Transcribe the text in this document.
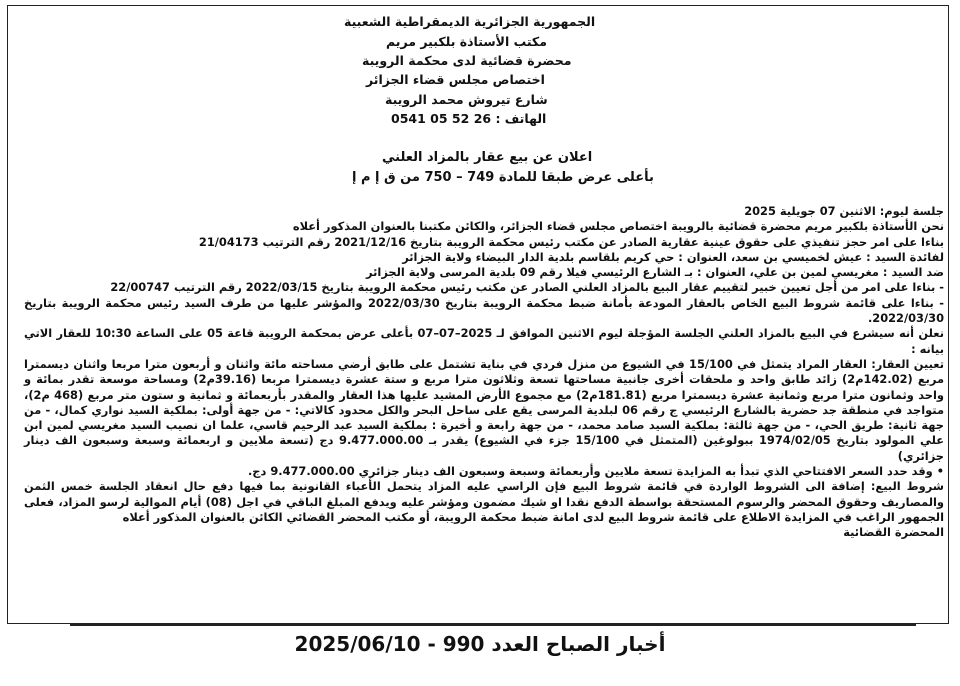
الجمهورية الجزائرية الديمقراطية الشعبية
مكتب الأستاذة بلكبير مريم
محضرة قضائية لدى محكمة الرويبة
اختصاص مجلس قضاء الجزائر
شارع تيروش محمد الرويبة
الهاتف : 26 52 05 0541
اعلان عن بيع عقار بالمزاد العلني
بأعلى عرض طبقا للمادة 749 – 750 من ق إ م إ

جلسة ليوم: الاثنين 07 جويلية 2025

نحن الأستاذة بلكبير مريم محضرة قضائية بالرويبة اختصاص مجلس قضاء الجزائر، والكائن مكتبنا بالعنوان المذكور أعلاه

بناءا على امر حجز تنفيذي على حقوق عينية عقارية الصادر عن مكتب رئيس محكمة الرويبة بتاريخ 2021/12/16 رقم الترتيب 21/04173

لفائدة السيد : عيش لخميسي بن سعد، العنوان : حي كريم بلقاسم بلدية الدار البيضاء ولاية الجزائر

ضد السيد : مغريسي لمين بن علي، العنوان : بـ الشارع الرئيسي فيلا رقم 09 بلدية المرسى ولاية الجزائر

- بناءا على امر من أجل تعيين خبير لتقييم عقار البيع بالمزاد العلني الصادر عن مكتب رئيس محكمة الرويبة بتاريخ 2022/03/15 رقم الترتيب 22/00747

- بناءا على قائمة شروط البيع الخاص بالعقار المودعة بأمانة ضبط محكمة الرويبة بتاريخ 2022/03/30 والمؤشر عليها من طرف السيد رئيس محكمة الرويبة بتاريخ 2022/03/30.

نعلن أنه سيشرع في البيع بالمزاد العلني الجلسة المؤجلة ليوم الاثنين الموافق لـ 2025–07–07 بأعلى عرض بمحكمة الرويبة قاعة 05 على الساعة 10:30 للعقار الاتي بيانه :

تعيين العقار: العقار المراد يتمثل في 15/100 في الشيوع من منزل فردي في بناية تشتمل على طابق أرضي مساحته مائة واثنان و أربعون مترا مربعا واثنان ديسمترا مربع (142.02م2) زائد طابق واحد و ملحقات أخرى جانبية مساحتها تسعة وثلاثون مترا مربع و ستة عشرة ديسمترا مربعا (39.16م2) ومساحة موسعة تقدر بمائة و واحد وثمانون مترا مربع وثمانية عشرة ديسمترا مربع (181.81م2) مع مجموع الأرض المشيد عليها هذا العقار والمقدر بأربعمائة و ثمانية و ستون متر مربع (468 م2)، متواجد في منطقة جد حضرية بالشارع الرئيسي ج رقم 06 لبلدية المرسى يقع على ساحل البحر والكل محدود كالاتي: - من جهة أولى: بملكية السيد نواري كمال، - من جهة ثانية: طريق الحي، - من جهة ثالثة: بملكية السيد صامد محمد، - من جهة رابعة و أخيرة : بملكية السيد عبد الرحيم قاسي، علما ان نصيب السيد مغريسي لمين ابن علي المولود بتاريخ 1974/02/05 ببولوغين (المتمثل في 15/100 جزء في الشيوع) يقدر بـ 9.477.000.00 دج (تسعة ملايين و اربعمائة وسبعة وسبعون الف دينار جزائري)

• وقد حدد السعر الافتتاحي الذي تبدأ به المزايدة تسعة ملايين وأربعمائة وسبعة وسبعون الف دينار جزائري 9.477.000.00 دج.

شروط البيع: إضافة الى الشروط الواردة في قائمة شروط البيع فإن الراسي عليه المزاد يتحمل الأعباء القانونية بما فيها دفع حال انعقاد الجلسة خمس الثمن والمصاريف وحقوق المحضر والرسوم المستحقة بواسطة الدفع نقدا او شيك مضمون ومؤشر عليه ويدفع المبلغ الباقي في اجل (08) أيام الموالية لرسو المزاد، فعلى الجمهور الراغب في المزايدة الاطلاع على قائمة شروط البيع لدى امانة ضبط محكمة الرويبة، أو مكتب المحضر القضائي الكائن بالعنوان المذكور أعلاه

المحضرة القضائية

أخبار الصباح العدد 990 - 2025/06/10
